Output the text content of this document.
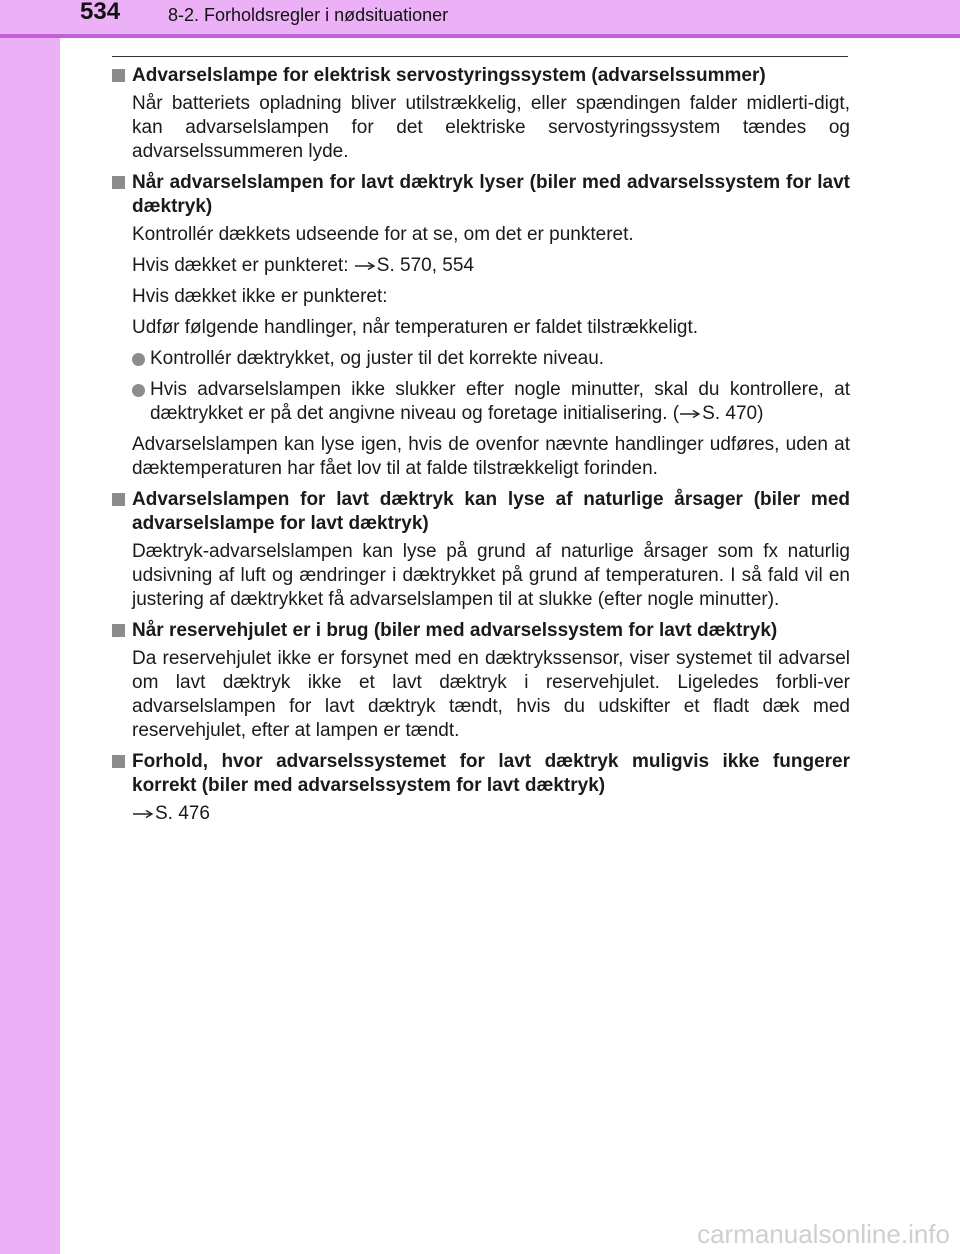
534	8-2. Forholdsregler i nødsituationer
Advarselslampe for elektrisk servostyringssystem (advarselssummer)
Når batteriets opladning bliver utilstrækkelig, eller spændingen falder midlerti-digt, kan advarselslampen for det elektriske servostyringssystem tændes og advarselssummeren lyde.
Når advarselslampen for lavt dæktryk lyser (biler med advarselssystem for lavt dæktryk)
Kontrollér dækkets udseende for at se, om det er punkteret.
Hvis dækket er punkteret:
S. 570, 554
Hvis dækket ikke er punkteret:
Udfør følgende handlinger, når temperaturen er faldet tilstrækkeligt.
Kontrollér dæktrykket, og juster til det korrekte niveau.
Hvis advarselslampen ikke slukker efter nogle minutter, skal du kontrollere, at dæktrykket er på det angivne niveau og foretage initialisering. ( S. 470)
Advarselslampen kan lyse igen, hvis de ovenfor nævnte handlinger udføres, uden at dæktemperaturen har fået lov til at falde tilstrækkeligt forinden.
Advarselslampen for lavt dæktryk kan lyse af naturlige årsager (biler med advarselslampe for lavt dæktryk)
Dæktryk-advarselslampen kan lyse på grund af naturlige årsager som fx naturlig udsivning af luft og ændringer i dæktrykket på grund af temperaturen. I så fald vil en justering af dæktrykket få advarselslampen til at slukke (efter nogle minutter).
Når reservehjulet er i brug (biler med advarselssystem for lavt dæktryk)
Da reservehjulet ikke er forsynet med en dæktrykssensor, viser systemet til advarsel om lavt dæktryk ikke et lavt dæktryk i reservehjulet. Ligeledes forbli-ver advarselslampen for lavt dæktryk tændt, hvis du udskifter et fladt dæk med reservehjulet, efter at lampen er tændt.
Forhold, hvor advarselssystemet for lavt dæktryk muligvis ikke fungerer korrekt (biler med advarselssystem for lavt dæktryk)
S. 476
carmanualsonline.info
